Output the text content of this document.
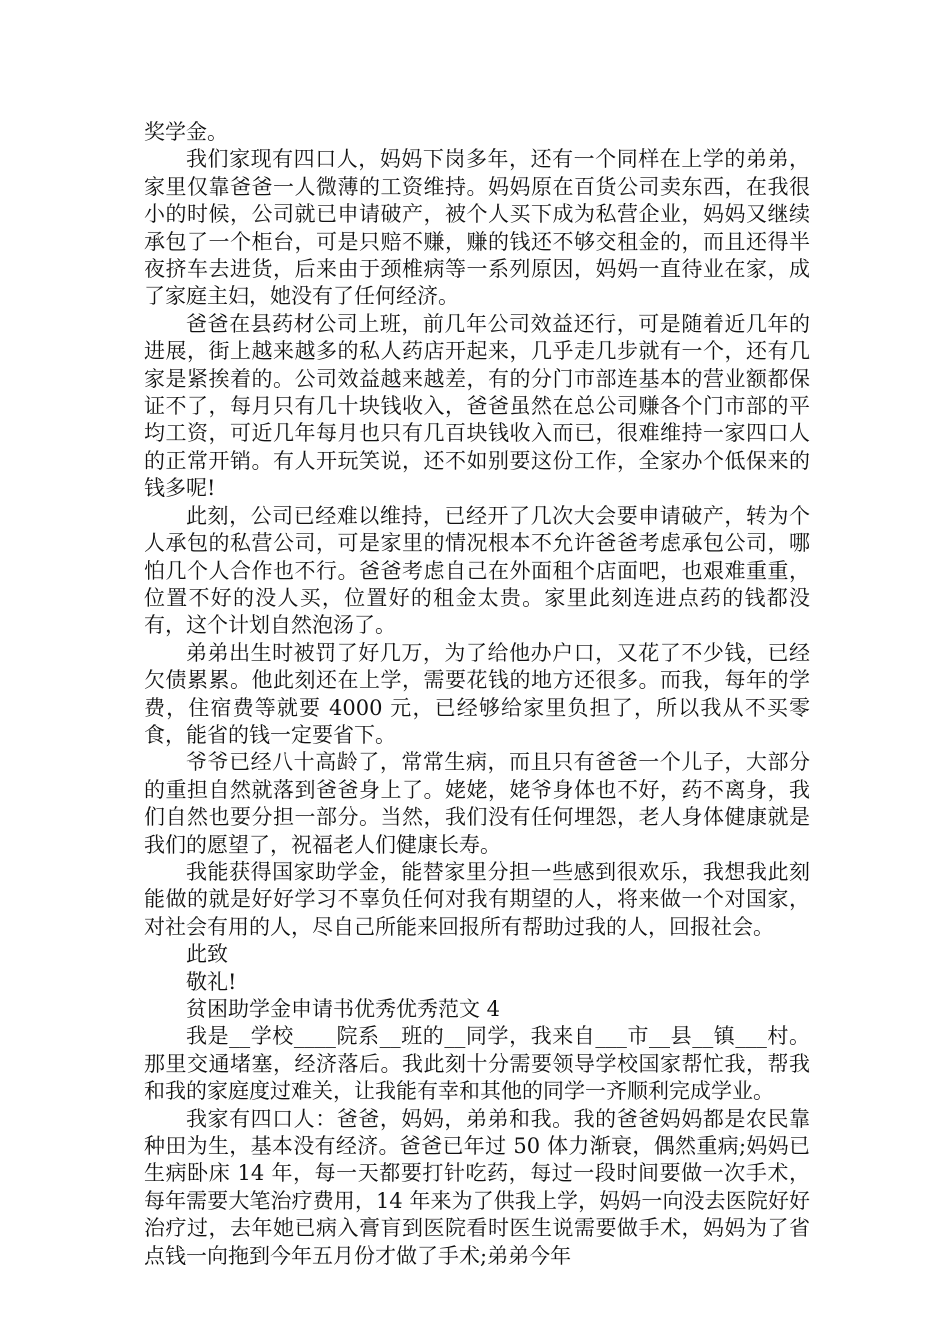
奖学金。

我们家现有四口人，妈妈下岗多年，还有一个同样在上学的弟弟，家里仅靠爸爸一人微薄的工资维持。妈妈原在百货公司卖东西，在我很小的时候，公司就已申请破产，被个人买下成为私营企业，妈妈又继续承包了一个柜台，可是只赔不赚，赚的钱还不够交租金的，而且还得半夜挤车去进货，后来由于颈椎病等一系列原因，妈妈一直待业在家，成了家庭主妇，她没有了任何经济。

爸爸在县药材公司上班，前几年公司效益还行，可是随着近几年的进展，街上越来越多的私人药店开起来，几乎走几步就有一个，还有几家是紧挨着的。公司效益越来越差，有的分门市部连基本的营业额都保证不了，每月只有几十块钱收入，爸爸虽然在总公司赚各个门市部的平均工资，可近几年每月也只有几百块钱收入而已，很难维持一家四口人的正常开销。有人开玩笑说，还不如别要这份工作，全家办个低保来的钱多呢!

此刻，公司已经难以维持，已经开了几次大会要申请破产，转为个人承包的私营公司，可是家里的情况根本不允许爸爸考虑承包公司，哪怕几个人合作也不行。爸爸考虑自己在外面租个店面吧，也艰难重重，位置不好的没人买，位置好的租金太贵。家里此刻连进点药的钱都没有，这个计划自然泡汤了。

弟弟出生时被罚了好几万，为了给他办户口，又花了不少钱，已经欠债累累。他此刻还在上学，需要花钱的地方还很多。而我，每年的学费，住宿费等就要 4000 元，已经够给家里负担了，所以我从不买零食，能省的钱一定要省下。

爷爷已经八十高龄了，常常生病，而且只有爸爸一个儿子，大部分的重担自然就落到爸爸身上了。姥姥，姥爷身体也不好，药不离身，我们自然也要分担一部分。当然，我们没有任何埋怨，老人身体健康就是我们的愿望了，祝福老人们健康长寿。

我能获得国家助学金，能替家里分担一些感到很欢乐，我想我此刻能做的就是好好学习不辜负任何对我有期望的人，将来做一个对国家，对社会有用的人，尽自己所能来回报所有帮助过我的人，回报社会。

此致

敬礼!

贫困助学金申请书优秀优秀范文 4

我是__学校____院系__班的__同学，我来自___市__县__镇___村。那里交通堵塞，经济落后。我此刻十分需要领导学校国家帮忙我，帮我和我的家庭度过难关，让我能有幸和其他的同学一齐顺利完成学业。

我家有四口人：爸爸，妈妈，弟弟和我。我的爸爸妈妈都是农民靠种田为生，基本没有经济。爸爸已年过 50 体力渐衰，偶然重病;妈妈已生病卧床 14 年，每一天都要打针吃药，每过一段时间要做一次手术，每年需要大笔治疗费用，14 年来为了供我上学，妈妈一向没去医院好好治疗过，去年她已病入膏肓到医院看时医生说需要做手术，妈妈为了省点钱一向拖到今年五月份才做了手术;弟弟今年
